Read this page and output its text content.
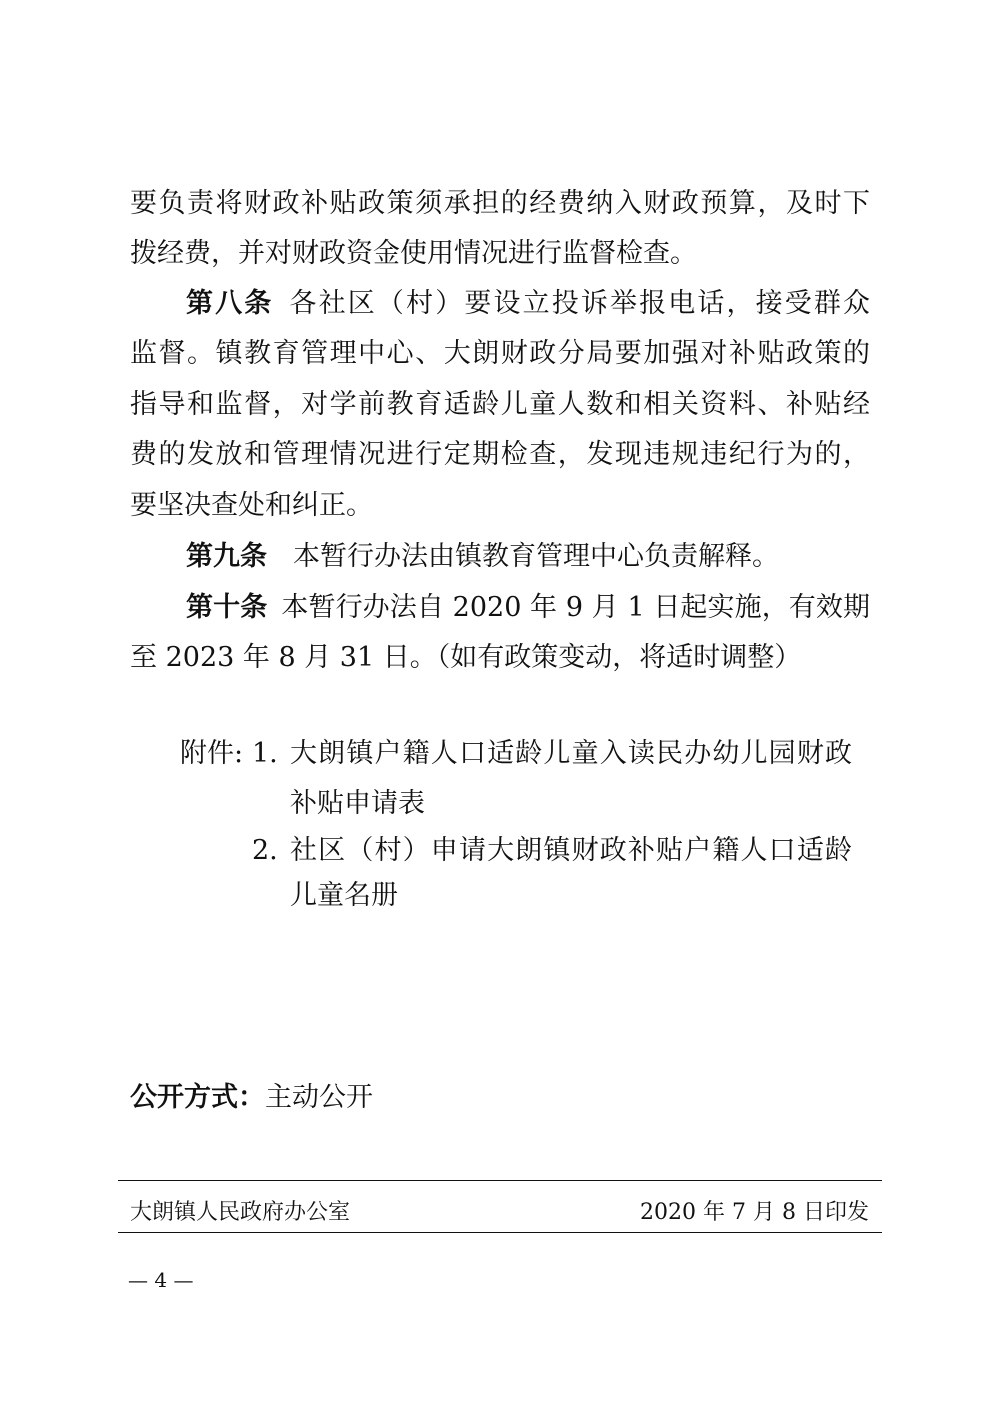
要负责将财政补贴政策须承担的经费纳入财政预算，及时下
拨经费，并对财政资金使用情况进行监督检查。
第八条 各社区（村）要设立投诉举报电话，接受群众
监督。镇教育管理中心、大朗财政分局要加强对补贴政策的
指导和监督，对学前教育适龄儿童人数和相关资料、补贴经
费的发放和管理情况进行定期检查，发现违规违纪行为的，
要坚决查处和纠正。
第九条 本暂行办法由镇教育管理中心负责解释。
第十条 本暂行办法自 2020 年 9 月 1 日起实施，有效期
至 2023 年 8 月 31 日。（如有政策变动，将适时调整）
附件: 1. 大朗镇户籍人口适龄儿童入读民办幼儿园财政
补贴申请表
2. 社区（村）申请大朗镇财政补贴户籍人口适龄
儿童名册
公开方式：主动公开
大朗镇人民政府办公室	2020 年 7 月 8 日印发
— 4 —
